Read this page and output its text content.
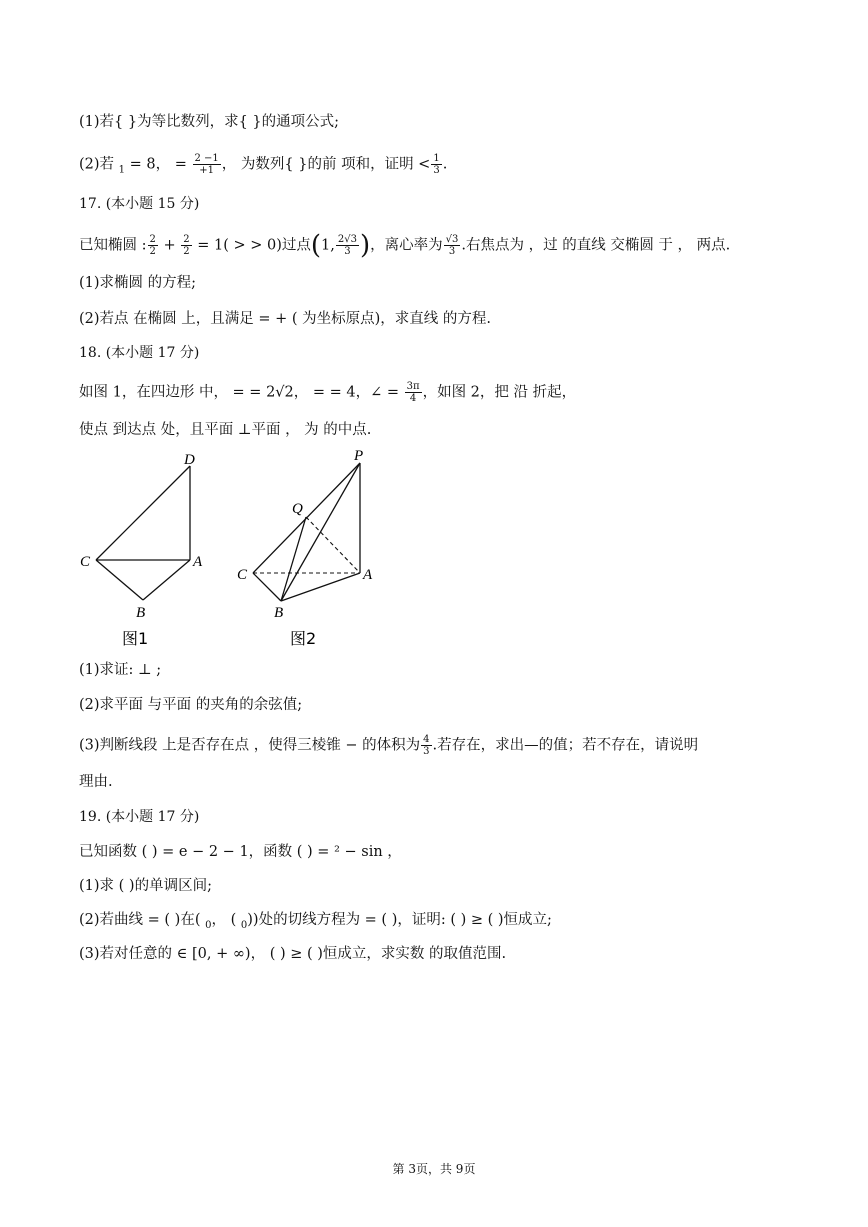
(1)若{ }为等比数列，求{ }的通项公式;
(2)若 $_1$ = 8， = $\frac{2 -1}{+1}$ ， 为数列{ }的前 项和，证明 < $\frac{1}{3}$ .
17. (本小题 15 分)
已知椭圆 : $\frac{2}{2} + \frac{2}{2} = 1$( > > 0)过点(1, $\frac{2√3}{3}$ )，离心率为 $\frac{√3}{3}$ .右焦点为 ，过 的直线 交椭圆 于 ， 两点.
(1)求椭圆 的方程;
(2)若点 在椭圆 上，且满足 = + ( 为坐标原点)，求直线 的方程.
18. (本小题 17 分)
如图 1，在四边形 中， = = 2√2， = = 4，∠ = $\frac{3\pi}{4}$ ，如图 2，把 沿 折起，
使点 到达点 处，且平面 ⊥平面 ， 为 的中点.
D
C	A
B
图1
P
Q
C	A
B
图2
(1)求证: ⊥ ;
(2)求平面 与平面 的夹角的余弦值;
(3)判断线段 上是否存在点 ，使得三棱锥 − 的体积为 $\frac{4}{3}$ .若存在，求出—的值；若不存在，请说明
理由.
19. (本小题 17 分)
已知函数 ( ) = e − 2 − 1，函数 ( ) = ² − sin ，
(1)求 ( )的单调区间;
(2)若曲线 = ( )在( $_0$， ( $_0$))处的切线方程为 = ( )，证明: ( ) ≥ ( )恒成立;
(3)若对任意的 ∈ [0, + ∞)， ( ) ≥ ( )恒成立，求实数 的取值范围.
第 3页，共 9页
